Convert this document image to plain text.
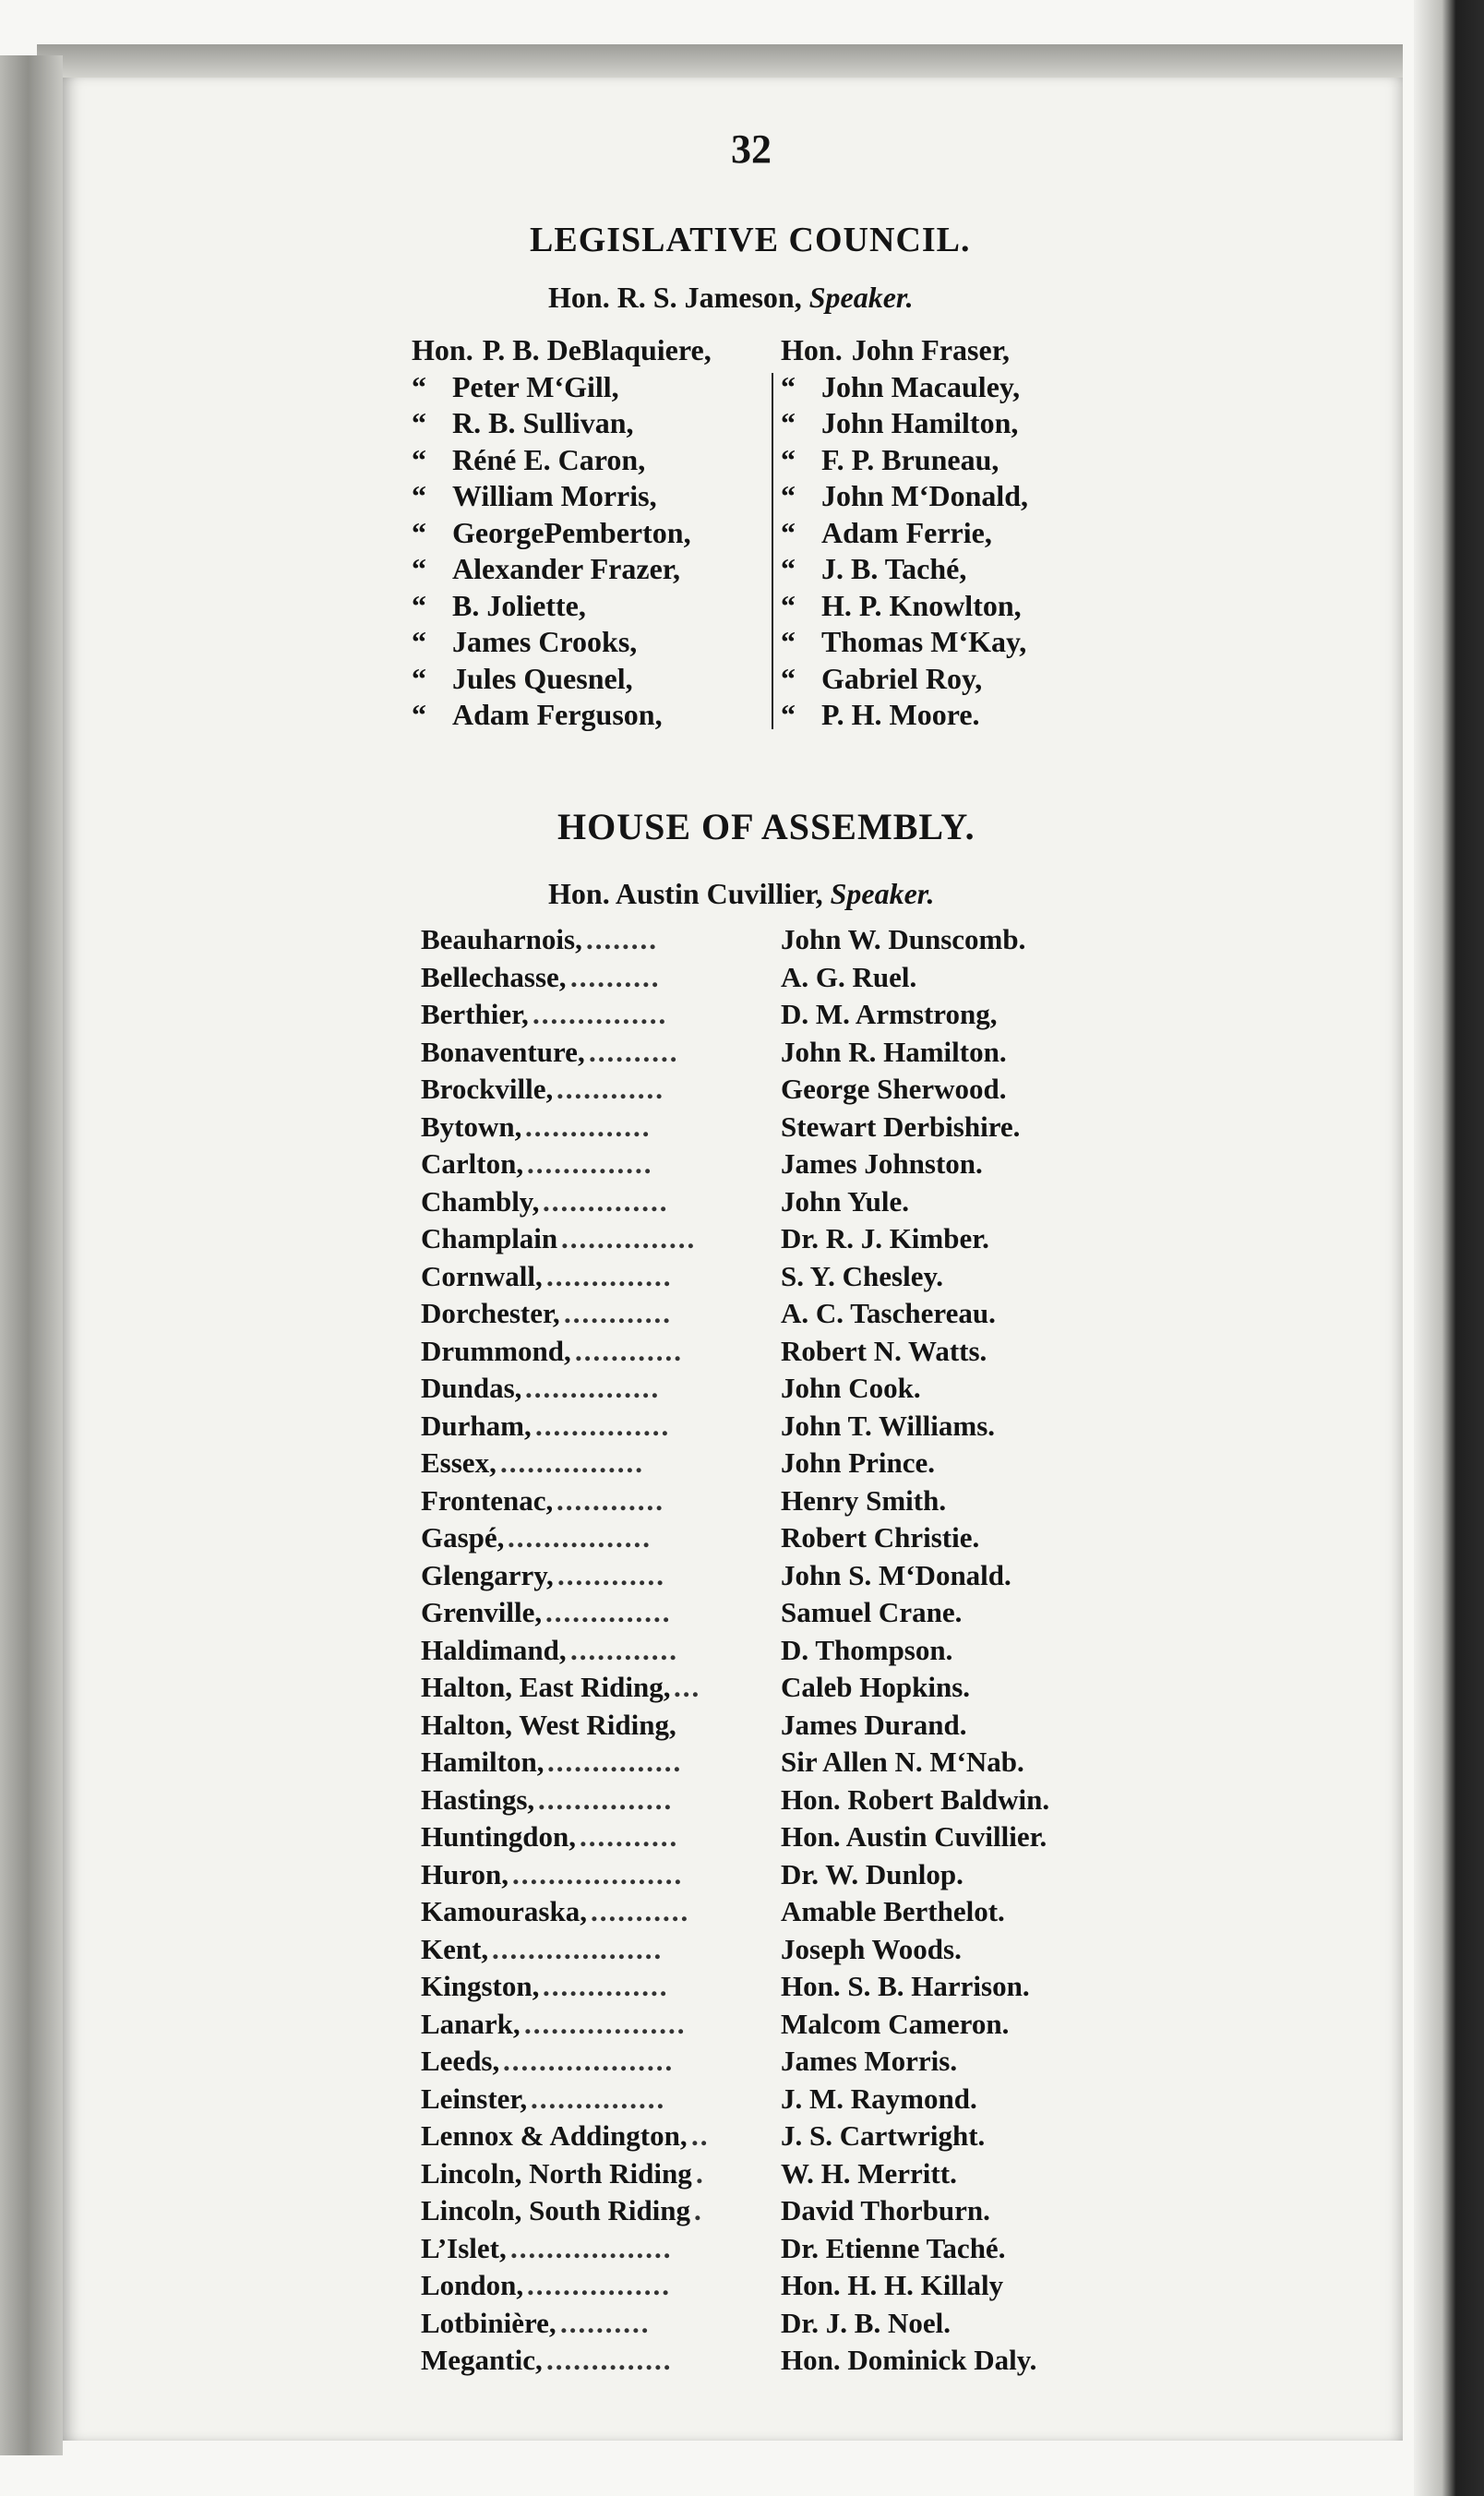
32
LEGISLATIVE COUNCIL.
Hon. R. S. Jameson, Speaker.
Hon. P. B. DeBlaquiere,
“ Peter M‘Gill,
“ R. B. Sullivan,
“ Réné E. Caron,
“ William Morris,
“ GeorgePemberton,
“ Alexander Frazer,
“ B. Joliette,
“ James Crooks,
“ Jules Quesnel,
“ Adam Ferguson,
Hon. John Fraser,
“ John Macauley,
“ John Hamilton,
“ F. P. Bruneau,
“ John M‘Donald,
“ Adam Ferrie,
“ J. B. Taché,
“ H. P. Knowlton,
“ Thomas M‘Kay,
“ Gabriel Roy,
“ P. H. Moore.
HOUSE OF ASSEMBLY.
Hon. Austin Cuvillier, Speaker.
Beauharnois, ........	John W. Dunscomb.
Bellechasse, ..........	A. G. Ruel.
Berthier, ...............	D. M. Armstrong,
Bonaventure, ..........	John R. Hamilton.
Brockville, ............	George Sherwood.
Bytown, ..............	Stewart Derbishire.
Carlton, ..............	James Johnston.
Chambly, ..............	John Yule.
Champlain ...............	Dr. R. J. Kimber.
Cornwall, ..............	S. Y. Chesley.
Dorchester, ............	A. C. Taschereau.
Drummond, ............	Robert N. Watts.
Dundas, ...............	John Cook.
Durham, ...............	John T. Williams.
Essex, ................	John Prince.
Frontenac, ............	Henry Smith.
Gaspé, ................	Robert Christie.
Glengarry, ............	John S. M‘Donald.
Grenville, ..............	Samuel Crane.
Haldimand, ............	D. Thompson.
Halton, East Riding, ...	Caleb Hopkins.
Halton, West Riding,	James Durand.
Hamilton, ...............	Sir Allen N. M‘Nab.
Hastings, ...............	Hon. Robert Baldwin.
Huntingdon, ...........	Hon. Austin Cuvillier.
Huron, ...................	Dr. W. Dunlop.
Kamouraska, ...........	Amable Berthelot.
Kent, ...................	Joseph Woods.
Kingston, ..............	Hon. S. B. Harrison.
Lanark, ..................	Malcom Cameron.
Leeds, ...................	James Morris.
Leinster, ...............	J. M. Raymond.
Lennox & Addington, ..	J. S. Cartwright.
Lincoln, North Riding .	W. H. Merritt.
Lincoln, South Riding .	David Thorburn.
L’Islet, ..................	Dr. Etienne Taché.
London, ................	Hon. H. H. Killaly
Lotbinière, ..........	Dr. J. B. Noel.
Megantic, ..............	Hon. Dominick Daly.
